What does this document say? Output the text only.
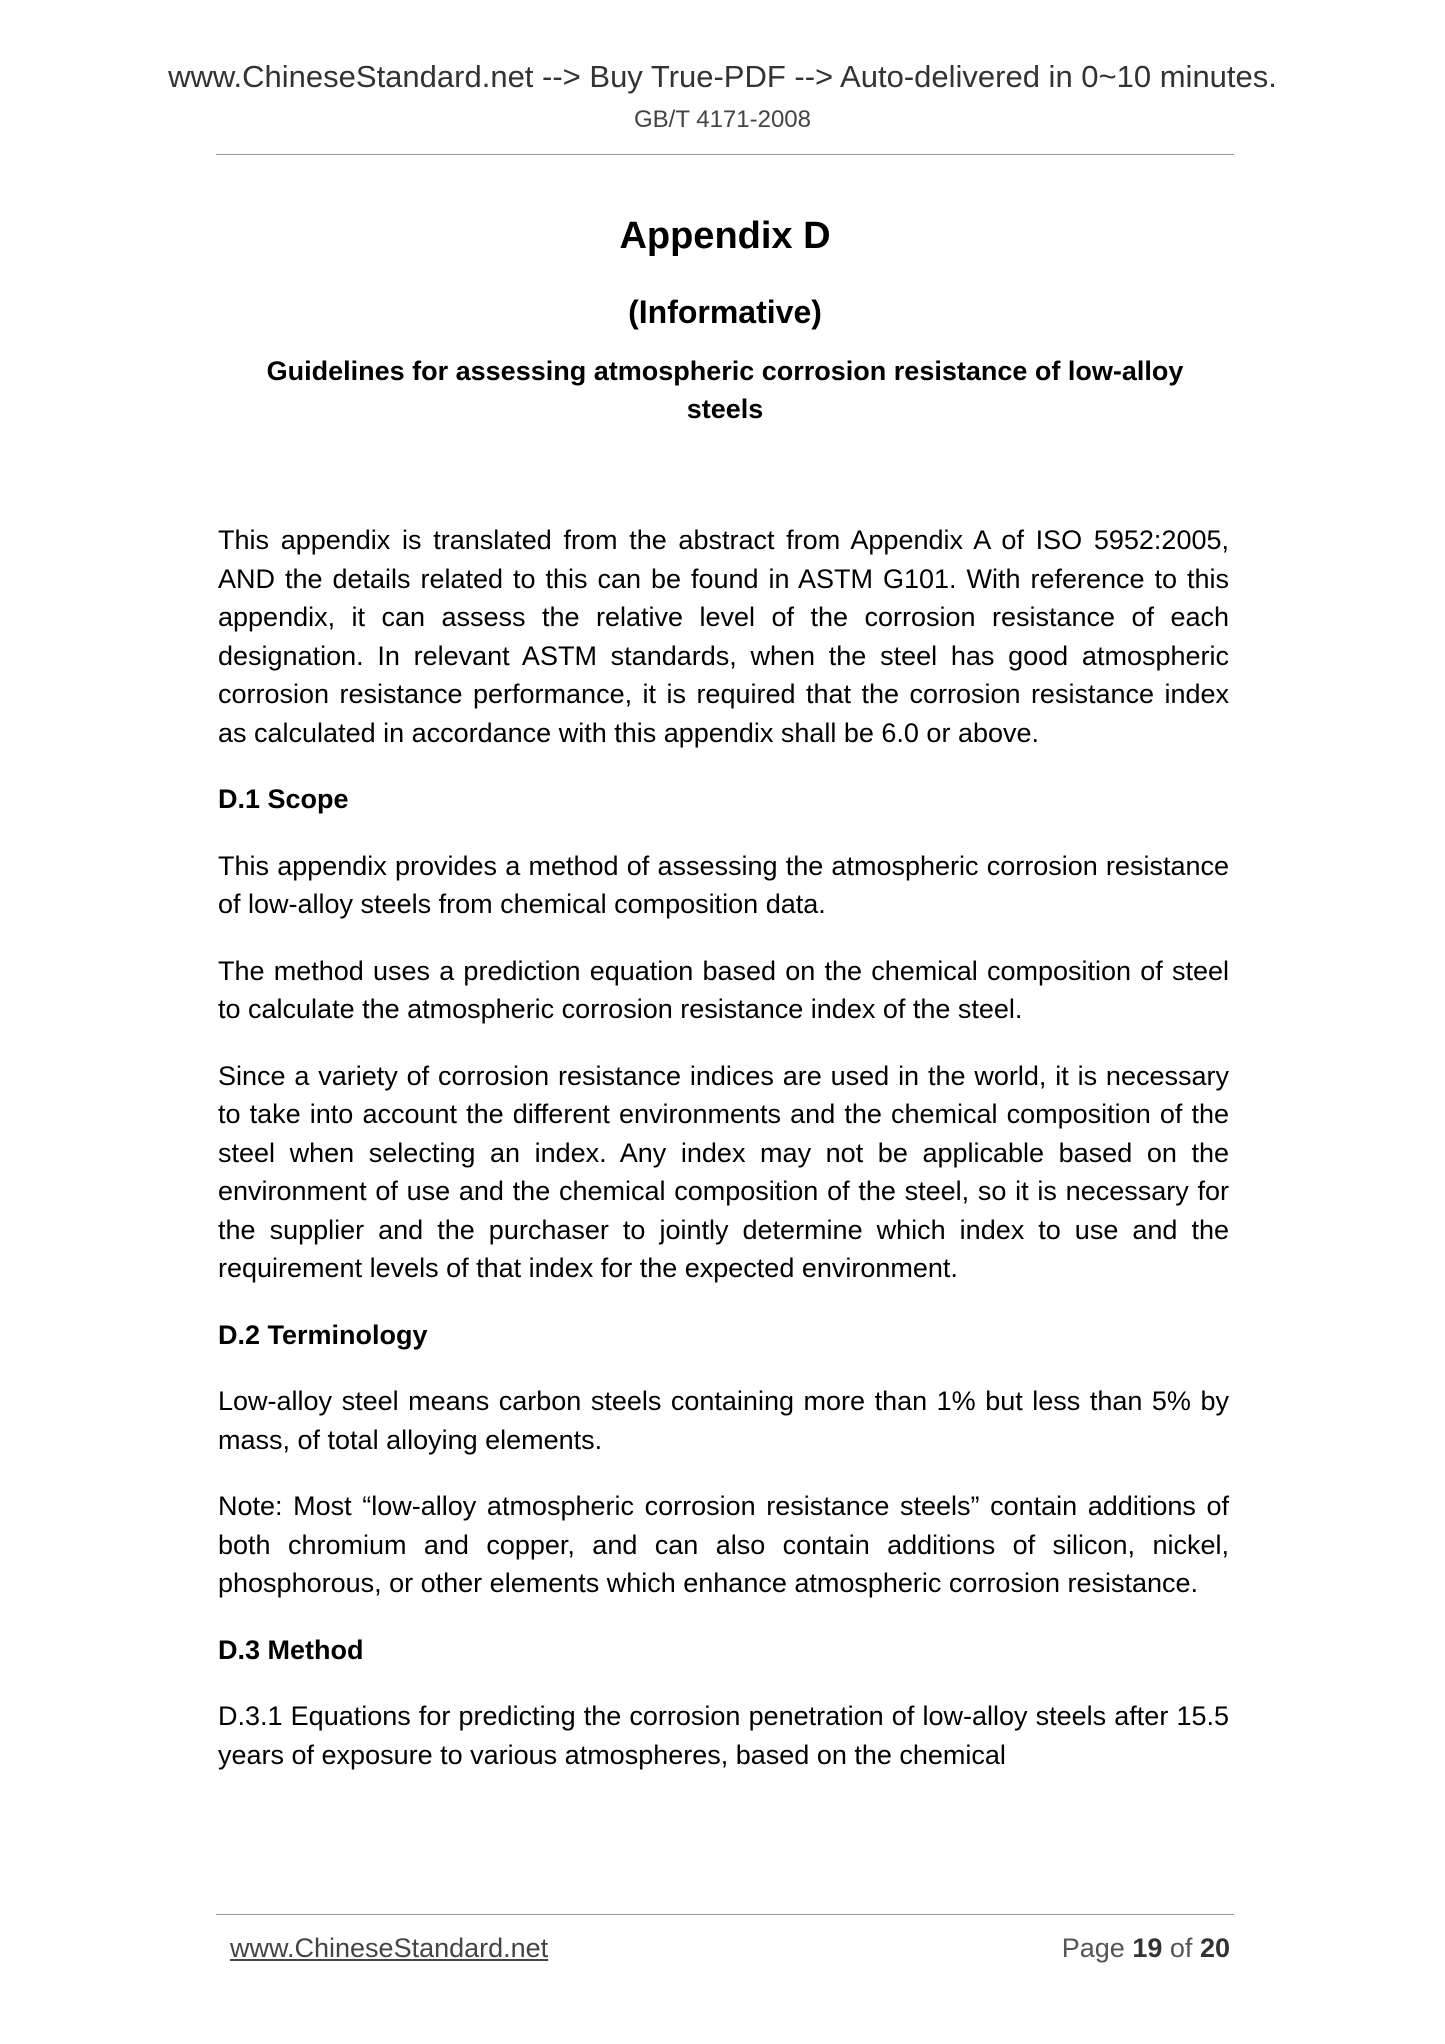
www.ChineseStandard.net --> Buy True-PDF --> Auto-delivered in 0~10 minutes.
GB/T 4171-2008
Appendix D
(Informative)
Guidelines for assessing atmospheric corrosion resistance of low-alloy
steels

This appendix is translated from the abstract from Appendix A of ISO 5952:2005, AND the details related to this can be found in ASTM G101. With reference to this appendix, it can assess the relative level of the corrosion resistance of each designation. In relevant ASTM standards, when the steel has good atmospheric corrosion resistance performance, it is required that the corrosion resistance index as calculated in accordance with this appendix shall be 6.0 or above.

D.1 Scope

This appendix provides a method of assessing the atmospheric corrosion resistance of low-alloy steels from chemical composition data.

The method uses a prediction equation based on the chemical composition of steel to calculate the atmospheric corrosion resistance index of the steel.

Since a variety of corrosion resistance indices are used in the world, it is necessary to take into account the different environments and the chemical composition of the steel when selecting an index. Any index may not be applicable based on the environment of use and the chemical composition of the steel, so it is necessary for the supplier and the purchaser to jointly determine which index to use and the requirement levels of that index for the expected environment.

D.2 Terminology

Low-alloy steel means carbon steels containing more than 1% but less than 5% by mass, of total alloying elements.

Note: Most “low-alloy atmospheric corrosion resistance steels” contain additions of both chromium and copper, and can also contain additions of silicon, nickel, phosphorous, or other elements which enhance atmospheric corrosion resistance.

D.3 Method

D.3.1 Equations for predicting the corrosion penetration of low-alloy steels after 15.5 years of exposure to various atmospheres, based on the chemical

www.ChineseStandard.net	Page 19 of 20
